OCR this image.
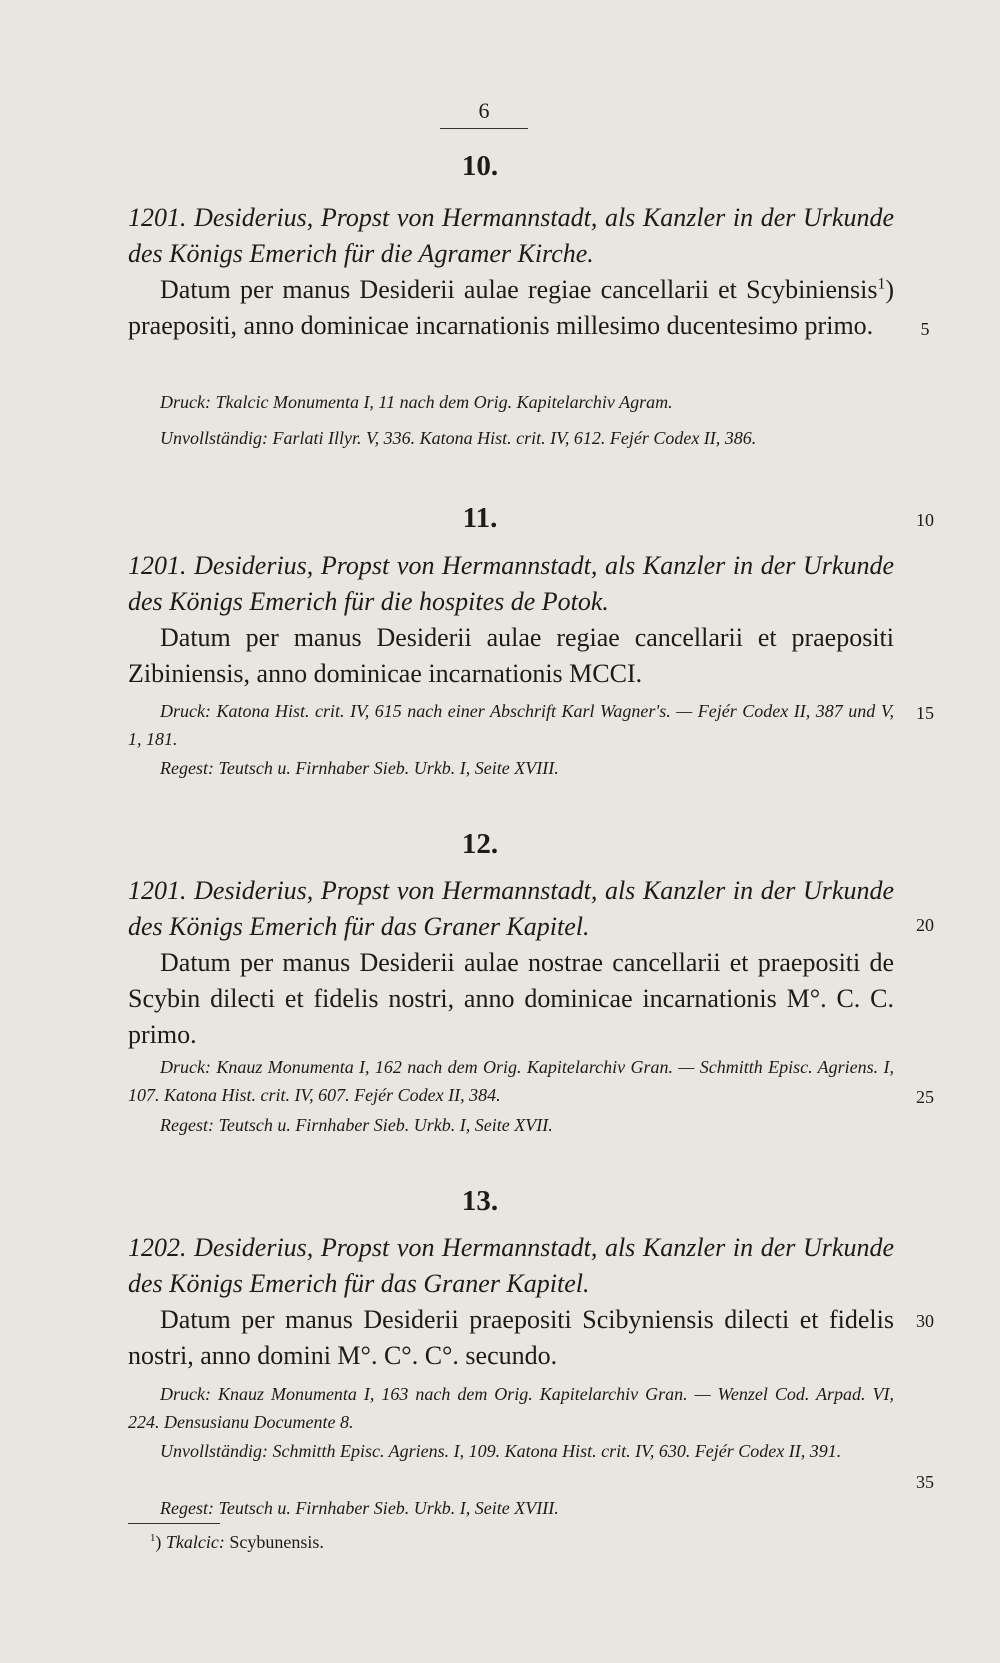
6
10.
1201. Desiderius, Propst von Hermannstadt, als Kanzler in der Urkunde des Königs Emerich für die Agramer Kirche.
Datum per manus Desiderii aulae regiae cancellarii et Scybiniensis$^1$) praepositi, anno dominicae incarnationis millesimo ducentesimo primo.
Druck: Tkalcic Monumenta I, 11 nach dem Orig. Kapitelarchiv Agram.
Unvollständig: Farlati Illyr. V, 336. Katona Hist. crit. IV, 612. Fejér Codex II, 386.
11.
1201. Desiderius, Propst von Hermannstadt, als Kanzler in der Urkunde des Königs Emerich für die hospites de Potok.
Datum per manus Desiderii aulae regiae cancellarii et praepositi Zibiniensis, anno dominicae incarnationis MCCI.
Druck: Katona Hist. crit. IV, 615 nach einer Abschrift Karl Wagner's. — Fejér Codex II, 387 und V, 1, 181.
Regest: Teutsch u. Firnhaber Sieb. Urkb. I, Seite XVIII.
12.
1201. Desiderius, Propst von Hermannstadt, als Kanzler in der Urkunde des Königs Emerich für das Graner Kapitel.
Datum per manus Desiderii aulae nostrae cancellarii et praepositi de Scybin dilecti et fidelis nostri, anno dominicae incarnationis M°. C. C. primo.
Druck: Knauz Monumenta I, 162 nach dem Orig. Kapitelarchiv Gran. — Schmitth Episc. Agriens. I, 107. Katona Hist. crit. IV, 607. Fejér Codex II, 384.
Regest: Teutsch u. Firnhaber Sieb. Urkb. I, Seite XVII.
13.
1202. Desiderius, Propst von Hermannstadt, als Kanzler in der Urkunde des Königs Emerich für das Graner Kapitel.
Datum per manus Desiderii praepositi Scibyniensis dilecti et fidelis nostri, anno domini M°. C°. C°. secundo.
Druck: Knauz Monumenta I, 163 nach dem Orig. Kapitelarchiv Gran. — Wenzel Cod. Arpad. VI, 224. Densusianu Documente 8.
Unvollständig: Schmitth Episc. Agriens. I, 109. Katona Hist. crit. IV, 630. Fejér Codex II, 391.
Regest: Teutsch u. Firnhaber Sieb. Urkb. I, Seite XVIII.
5
10
15
20
25
30
35
$^1$) Tkalcic: Scybunensis.
